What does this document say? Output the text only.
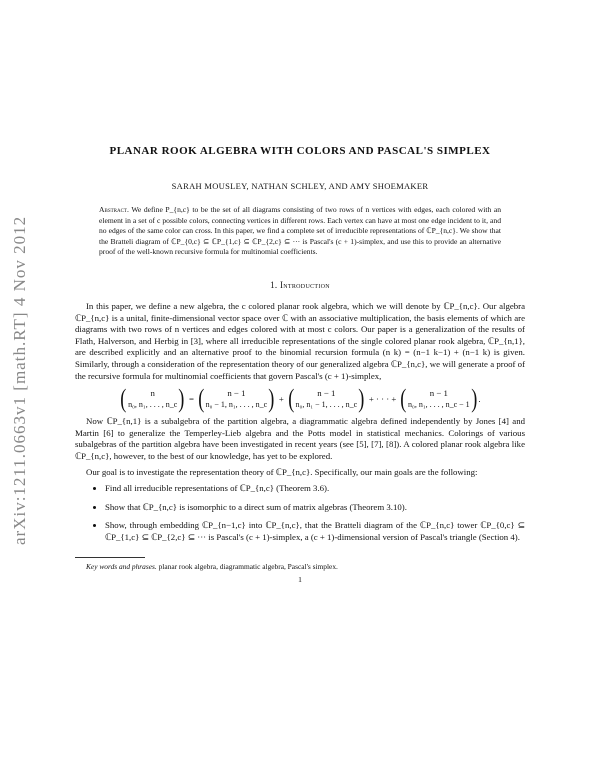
arXiv:1211.0663v1 [math.RT] 4 Nov 2012
PLANAR ROOK ALGEBRA WITH COLORS AND PASCAL'S SIMPLEX
SARAH MOUSLEY, NATHAN SCHLEY, AND AMY SHOEMAKER
Abstract. We define P_{n,c} to be the set of all diagrams consisting of two rows of n vertices with edges, each colored with an element in a set of c possible colors, connecting vertices in different rows. Each vertex can have at most one edge incident to it, and no edges of the same color can cross. In this paper, we find a complete set of irreducible representations of ℂP_{n,c}. We show that the Bratteli diagram of ℂP_{0,c} ⊆ ℂP_{1,c} ⊆ ℂP_{2,c} ⊆ ··· is Pascal's (c + 1)-simplex, and use this to provide an alternative proof of the well-known recursive formula for multinomial coefficients.
1. Introduction

In this paper, we define a new algebra, the c colored planar rook algebra, which we will denote by ℂP_{n,c}. Our algebra ℂP_{n,c} is a unital, finite-dimensional vector space over ℂ with an associative multiplication, the basis elements of which are diagrams with two rows of n vertices and edges colored with at most c colors. Our paper is a generalization of the results of Flath, Halverson, and Herbig in [3], where all irreducible representations of the single colored planar rook algebra, ℂP_{n,1}, are described explicitly and an alternative proof to the binomial recursion formula (n k) = (n−1 k−1) + (n−1 k) is given. Similarly, through a consideration of the representation theory of our generalized algebra ℂP_{n,c}, we will generate a proof of the recursive formula for multinomial coefficients that govern Pascal's (c + 1)-simplex,

(	n
n₀, n₁, . . . , n_c ) = (	n − 1
n₀ − 1, n₁, . . . , n_c ) + (	n − 1
n₀, n₁ − 1, . . . , n_c ) + · · · + (	n − 1
n₀, n₁, . . . , n_c − 1 ) .

Now ℂP_{n,1} is a subalgebra of the partition algebra, a diagrammatic algebra defined independently by Jones [4] and Martin [6] to generalize the Temperley-Lieb algebra and the Potts model in statistical mechanics. Colorings of various subalgebras of the partition algebra have been investigated in recent years (see [5], [7], [8]). A colored planar rook algebra like ℂP_{n,c}, however, to the best of our knowledge, has yet to be explored.

Our goal is to investigate the representation theory of ℂP_{n,c}. Specifically, our main goals are the following:

• Find all irreducible representations of ℂP_{n,c} (Theorem 3.6).
• Show that ℂP_{n,c} is isomorphic to a direct sum of matrix algebras (Theorem 3.10).
• Show, through embedding ℂP_{n−1,c} into ℂP_{n,c}, that the Bratteli diagram of the ℂP_{n,c} tower ℂP_{0,c} ⊆ ℂP_{1,c} ⊆ ℂP_{2,c} ⊆ ··· is Pascal's (c + 1)-simplex, a (c + 1)-dimensional version of Pascal's triangle (Section 4).
Key words and phrases. planar rook algebra, diagrammatic algebra, Pascal's simplex.
1
